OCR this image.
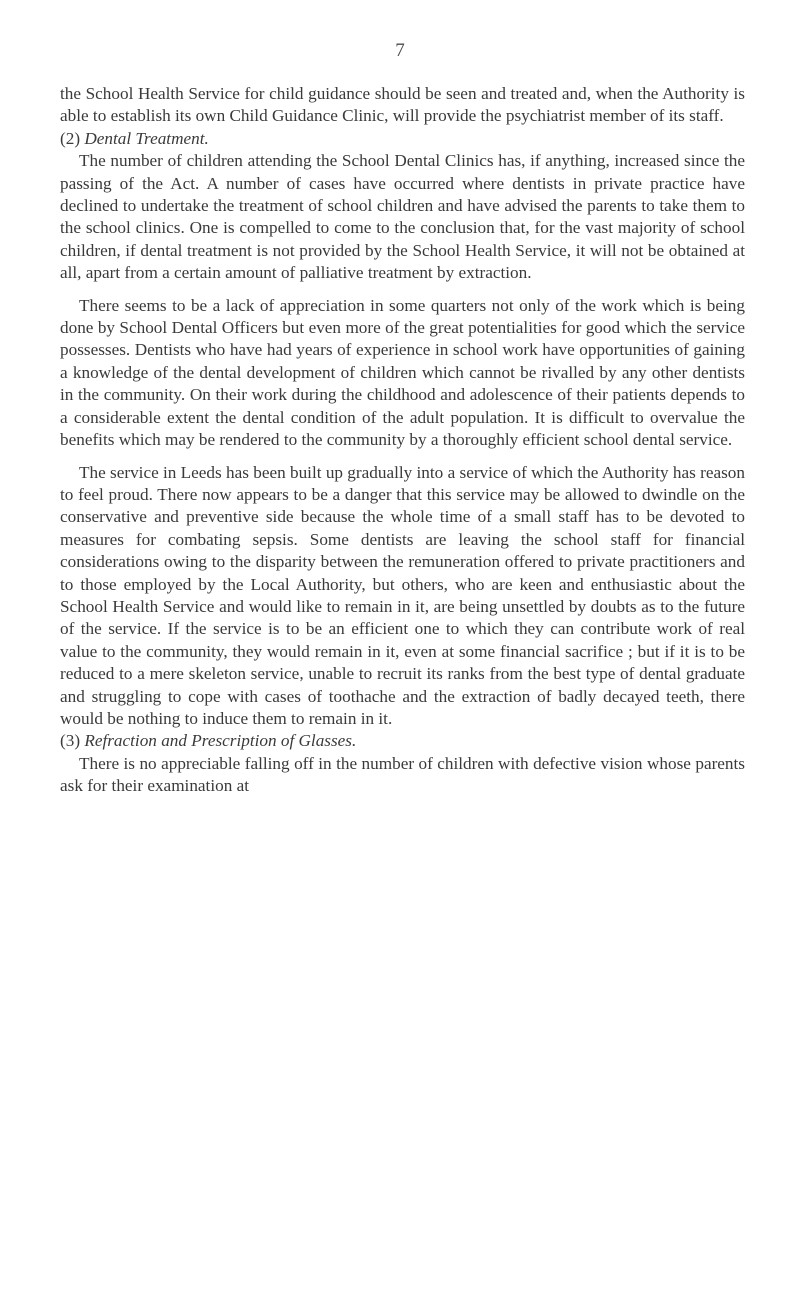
7

the School Health Service for child guidance should be seen and treated and, when the Authority is able to establish its own Child Guidance Clinic, will provide the psychiatrist member of its staff.

(2) Dental Treatment.

The number of children attending the School Dental Clinics has, if anything, increased since the passing of the Act. A number of cases have occurred where dentists in private practice have declined to undertake the treatment of school children and have advised the parents to take them to the school clinics. One is compelled to come to the conclusion that, for the vast majority of school children, if dental treatment is not provided by the School Health Service, it will not be obtained at all, apart from a certain amount of palliative treatment by extraction.

There seems to be a lack of appreciation in some quarters not only of the work which is being done by School Dental Officers but even more of the great potentialities for good which the service possesses. Dentists who have had years of experience in school work have opportunities of gaining a knowledge of the dental development of children which cannot be rivalled by any other dentists in the community. On their work during the childhood and adolescence of their patients depends to a considerable extent the dental condition of the adult population. It is difficult to overvalue the benefits which may be rendered to the community by a thoroughly efficient school dental service.

The service in Leeds has been built up gradually into a service of which the Authority has reason to feel proud. There now appears to be a danger that this service may be allowed to dwindle on the conservative and preventive side because the whole time of a small staff has to be devoted to measures for combating sepsis. Some dentists are leaving the school staff for financial considerations owing to the disparity between the remuneration offered to private practitioners and to those employed by the Local Authority, but others, who are keen and enthusiastic about the School Health Service and would like to remain in it, are being unsettled by doubts as to the future of the service. If the service is to be an efficient one to which they can contribute work of real value to the community, they would remain in it, even at some financial sacrifice ; but if it is to be reduced to a mere skeleton service, unable to recruit its ranks from the best type of dental graduate and struggling to cope with cases of toothache and the extraction of badly decayed teeth, there would be nothing to induce them to remain in it.

(3) Refraction and Prescription of Glasses.

There is no appreciable falling off in the number of children with defective vision whose parents ask for their examination at
